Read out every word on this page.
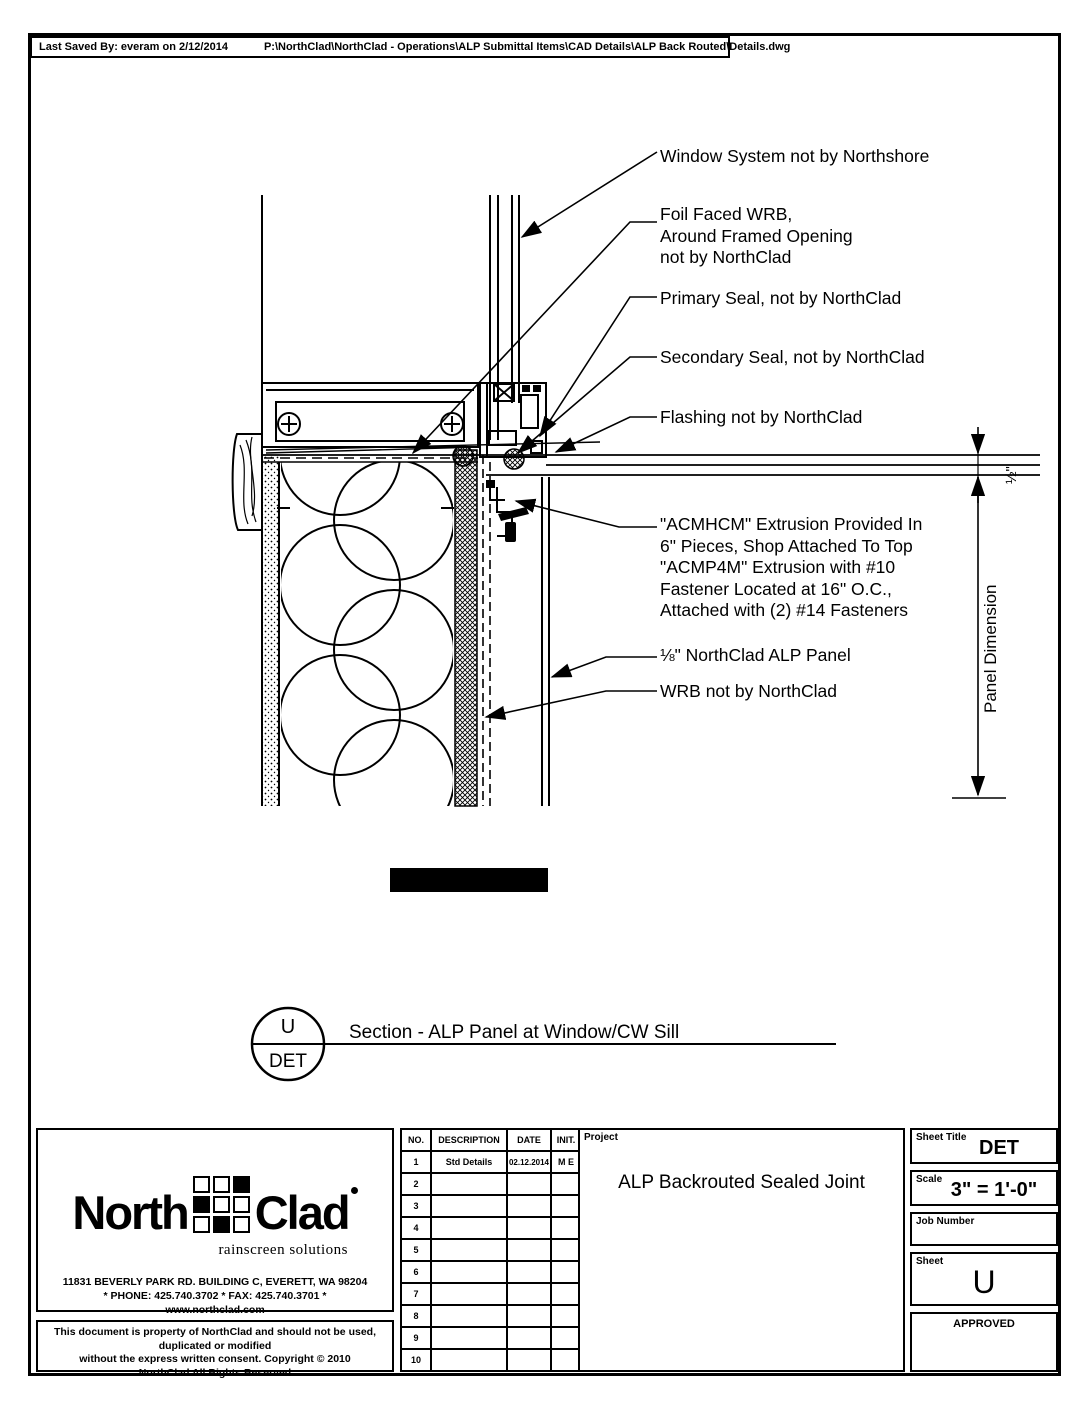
Last Saved By: everam on 2/12/2014	P:\NorthClad\NorthClad - Operations\ALP Submittal Items\CAD Details\ALP Back Routed\Details.dwg
Window System not by Northshore
Foil Faced WRB,
Around Framed Opening
not by NorthClad
Primary Seal, not by NorthClad
Secondary Seal, not by NorthClad
Flashing not by NorthClad
"ACMHCM" Extrusion Provided In
6" Pieces, Shop Attached To Top
"ACMP4M" Extrusion with #10
Fastener Located at 16" O.C.,
Attached with (2) #14 Fasteners
⅛" NorthClad ALP Panel
WRB not by NorthClad
½"
Panel Dimension
U
DET
Section - ALP Panel at Window/CW Sill
North Clad
rainscreen solutions
11831 BEVERLY PARK RD. BUILDING C, EVERETT, WA 98204
* PHONE: 425.740.3702 * FAX: 425.740.3701 *
www.northclad.com
This document is property of NorthClad and should not be used, duplicated or modified
without the express written consent. Copyright © 2010
NorthClad All Rights Reserved
NO.	DESCRIPTION	DATE	INIT.
1	Std Details	02.12.2014	M E
2			
3			
4			
5			
6			
7			
8			
9			
10			
Project
ALP Backrouted Sealed Joint
Sheet Title DET
Scale 3" = 1'-0"
Job Number
Sheet
U
APPROVED
